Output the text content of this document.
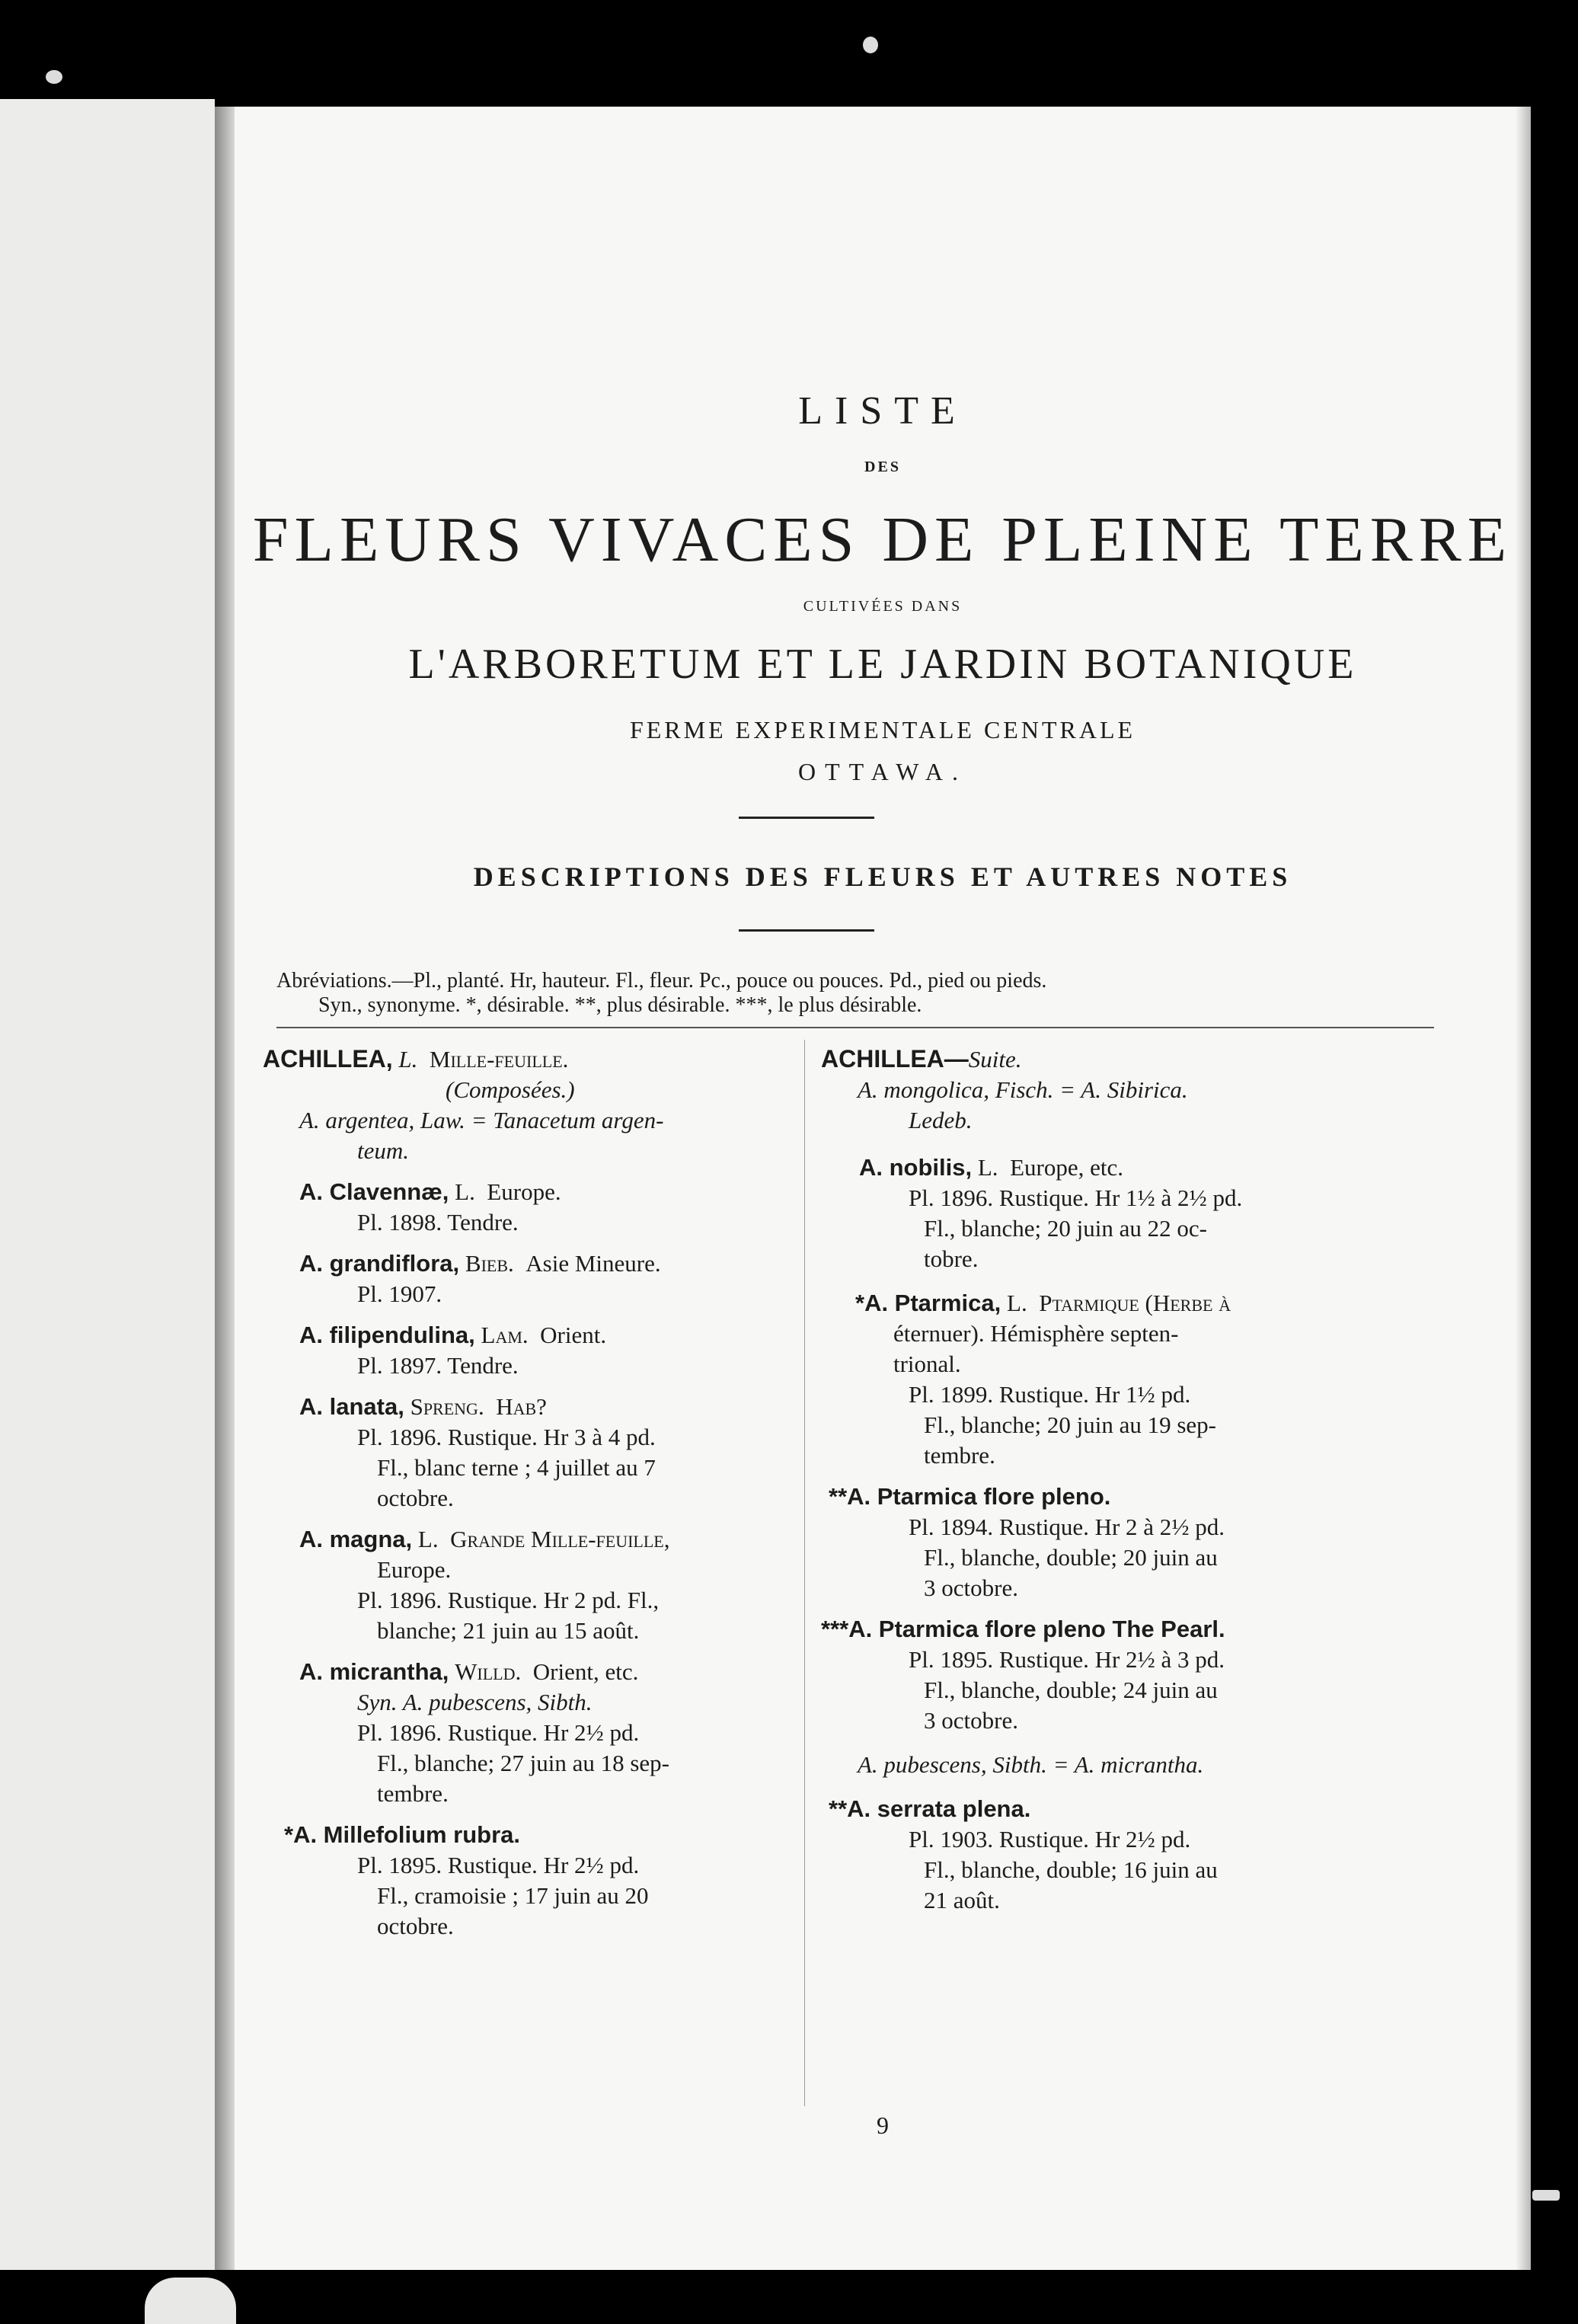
LISTE
DES
FLEURS VIVACES DE PLEINE TERRE
CULTIVÉES DANS
L'ARBORETUM ET LE JARDIN BOTANIQUE
FERME EXPERIMENTALE CENTRALE
OTTAWA.
DESCRIPTIONS DES FLEURS ET AUTRES NOTES
Abréviations.—Pl., planté. Hr, hauteur. Fl., fleur. Pc., pouce ou pouces. Pd., pied ou pieds.
Syn., synonyme. *, désirable. **, plus désirable. ***, le plus désirable.
ACHILLEA, L. Mille-feuille.
(Composées.)
A. argentea, Law. = Tanacetum argen-
teum.
A. Clavennæ, L. Europe.
Pl. 1898. Tendre.
A. grandiflora, Bieb. Asie Mineure.
Pl. 1907.
A. filipendulina, Lam. Orient.
Pl. 1897. Tendre.
A. lanata, Spreng. Hab?
Pl. 1896. Rustique. Hr 3 à 4 pd.
Fl., blanc terne ; 4 juillet au 7
octobre.
A. magna, L. Grande Mille-feuille,
Europe.
Pl. 1896. Rustique. Hr 2 pd. Fl.,
blanche; 21 juin au 15 août.
A. micrantha, Willd. Orient, etc.
Syn. A. pubescens, Sibth.
Pl. 1896. Rustique. Hr 2½ pd.
Fl., blanche; 27 juin au 18 sep-
tembre.
*A. Millefolium rubra.
Pl. 1895. Rustique. Hr 2½ pd.
Fl., cramoisie ; 17 juin au 20
octobre.
ACHILLEA—Suite.
A. mongolica, Fisch. = A. Sibirica.
Ledeb.
A. nobilis, L. Europe, etc.
Pl. 1896. Rustique. Hr 1½ à 2½ pd.
Fl., blanche; 20 juin au 22 oc-
tobre.
*A. Ptarmica, L. Ptarmique (Herbe à
éternuer). Hémisphère septen-
trional.
Pl. 1899. Rustique. Hr 1½ pd.
Fl., blanche; 20 juin au 19 sep-
tembre.
**A. Ptarmica flore pleno.
Pl. 1894. Rustique. Hr 2 à 2½ pd.
Fl., blanche, double; 20 juin au
3 octobre.
***A. Ptarmica flore pleno The Pearl.
Pl. 1895. Rustique. Hr 2½ à 3 pd.
Fl., blanche, double; 24 juin au
3 octobre.
A. pubescens, Sibth. = A. micrantha.
**A. serrata plena.
Pl. 1903. Rustique. Hr 2½ pd.
Fl., blanche, double; 16 juin au
21 août.
9
